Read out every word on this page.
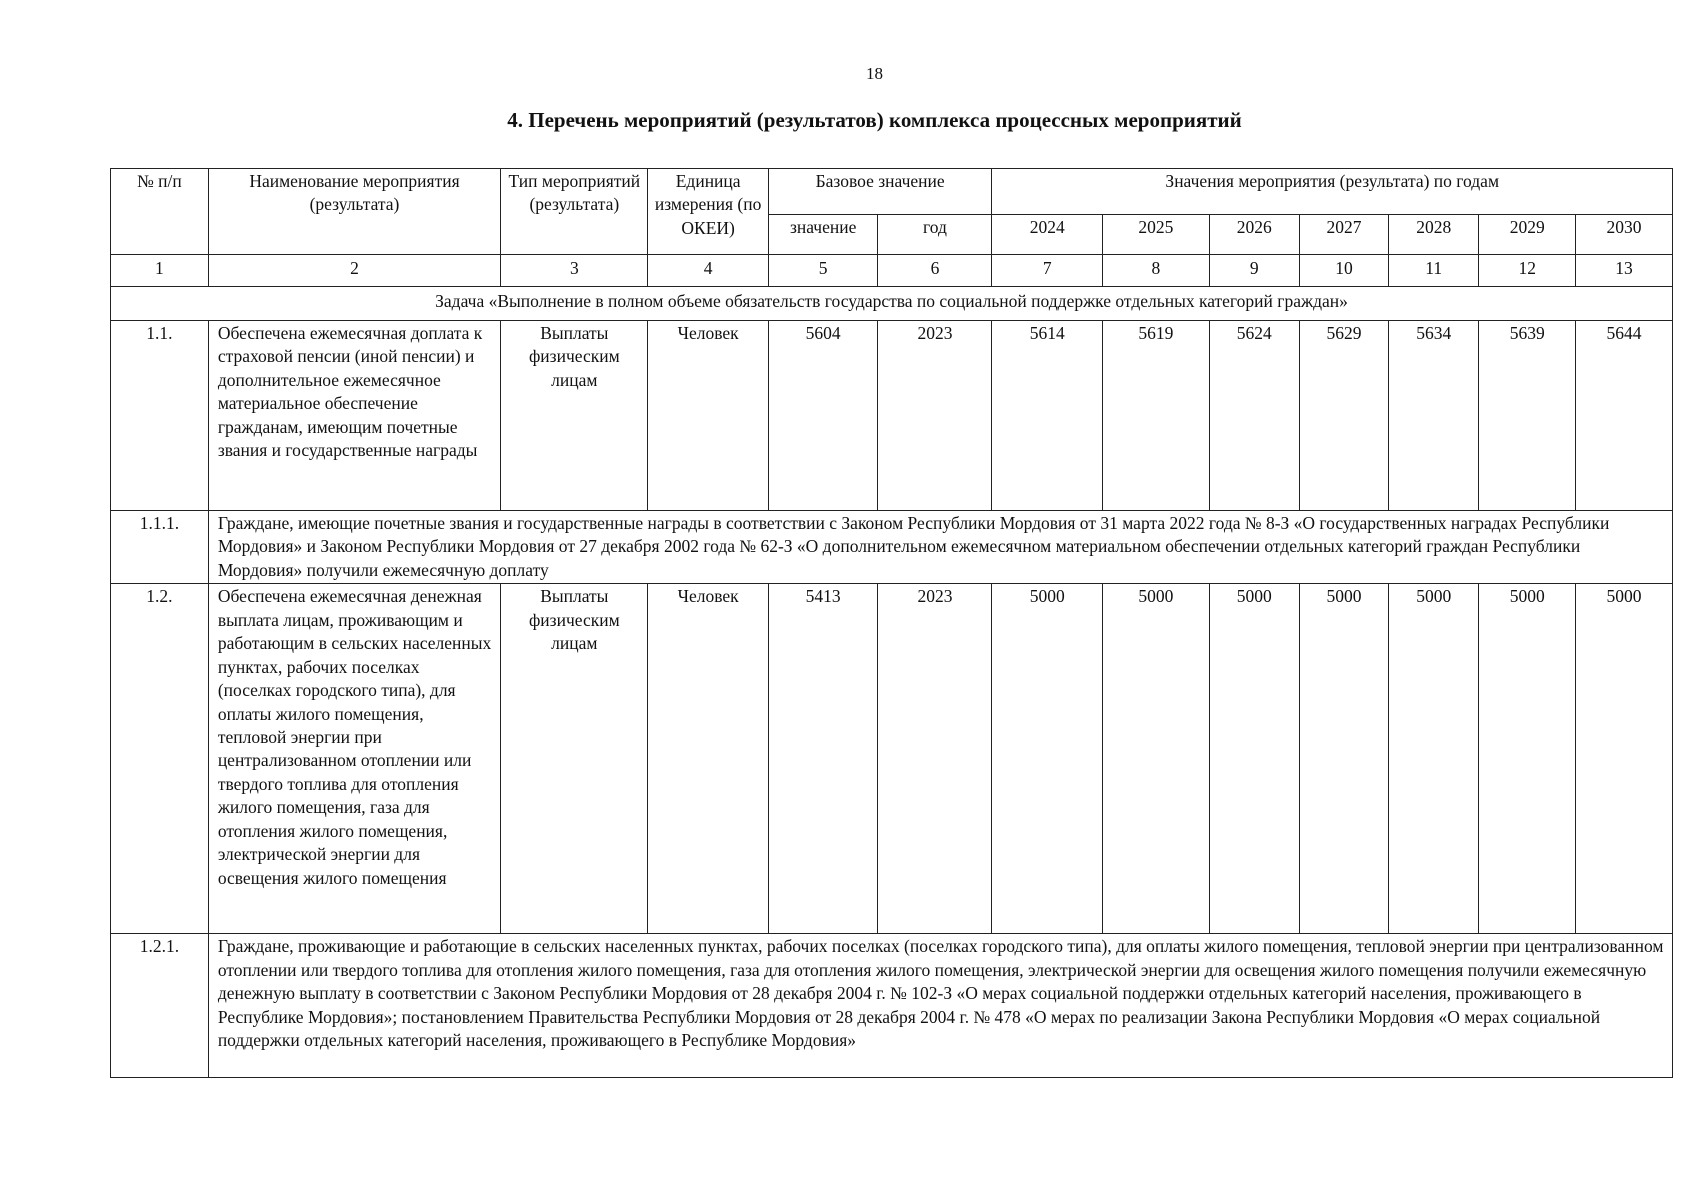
18
4. Перечень мероприятий (результатов) комплекса процессных мероприятий
№ п/п	Наименование мероприятия (результата)	Тип мероприятий (результата)	Единица измерения (по ОКЕИ)	Базовое значение		Значения мероприятия (результата) по годам						
				значение	год	2024	2025	2026	2027	2028	2029	2030
1	2	3	4	5	6	7	8	9	10	11	12	13
Задача «Выполнение в полном объеме обязательств государства по социальной поддержке отдельных категорий граждан»												
1.1.	Обеспечена ежемесячная доплата к страховой пенсии (иной пенсии) и дополнительное ежемесячное материальное обеспечение гражданам, имеющим почетные звания и государственные награды	Выплаты физическим лицам	Человек	5604	2023	5614	5619	5624	5629	5634	5639	5644
1.1.1.	Граждане, имеющие почетные звания и государственные награды в соответствии с Законом Республики Мордовия от 31 марта 2022 года № 8-З «О государственных наградах Республики Мордовия» и Законом Республики Мордовия от 27 декабря 2002 года № 62-З «О дополнительном ежемесячном материальном обеспечении отдельных категорий граждан Республики Мордовия» получили ежемесячную доплату											
1.2.	Обеспечена ежемесячная денежная выплата лицам, проживающим и работающим в сельских населенных пунктах, рабочих поселках (поселках городского типа), для оплаты жилого помещения, тепловой энергии при централизованном отоплении или твердого топлива для отопления жилого помещения, газа для отопления жилого помещения, электрической энергии для освещения жилого помещения	Выплаты физическим лицам	Человек	5413	2023	5000	5000	5000	5000	5000	5000	5000
1.2.1.	Граждане, проживающие и работающие в сельских населенных пунктах, рабочих поселках (поселках городского типа), для оплаты жилого помещения, тепловой энергии при централизованном отоплении или твердого топлива для отопления жилого помещения, газа для отопления жилого помещения, электрической энергии для освещения жилого помещения получили ежемесячную денежную выплату в соответствии с Законом Республики Мордовия от 28 декабря 2004 г. № 102-З «О мерах социальной поддержки отдельных категорий населения, проживающего в Республике Мордовия»; постановлением Правительства Республики Мордовия от 28 декабря 2004 г. № 478 «О мерах по реализации Закона Республики Мордовия «О мерах социальной поддержки отдельных категорий населения, проживающего в Республике Мордовия»											
